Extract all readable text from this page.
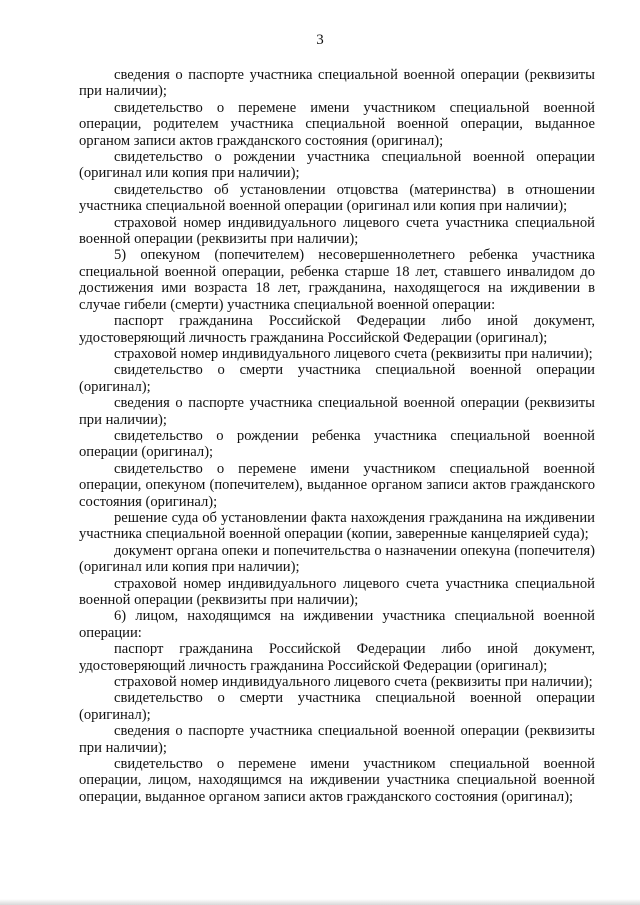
3

сведения о паспорте участника специальной военной операции (реквизиты при наличии);

свидетельство о перемене имени участником специальной военной операции, родителем участника специальной военной операции, выданное органом записи актов гражданского состояния (оригинал);

свидетельство о рождении участника специальной военной операции (оригинал или копия при наличии);

свидетельство об установлении отцовства (материнства) в отношении участника специальной военной операции (оригинал или копия при наличии);

страховой номер индивидуального лицевого счета участника специальной военной операции (реквизиты при наличии);

5) опекуном (попечителем) несовершеннолетнего ребенка участника специальной военной операции, ребенка старше 18 лет, ставшего инвалидом до достижения ими возраста 18 лет, гражданина, находящегося на иждивении в случае гибели (смерти) участника специальной военной операции:

паспорт гражданина Российской Федерации либо иной документ, удостоверяющий личность гражданина Российской Федерации (оригинал);

страховой номер индивидуального лицевого счета (реквизиты при наличии);

свидетельство о смерти участника специальной военной операции (оригинал);

сведения о паспорте участника специальной военной операции (реквизиты при наличии);

свидетельство о рождении ребенка участника специальной военной операции (оригинал);

свидетельство о перемене имени участником специальной военной операции, опекуном (попечителем), выданное органом записи актов гражданского состояния (оригинал);

решение суда об установлении факта нахождения гражданина на иждивении участника специальной военной операции (копии, заверенные канцелярией суда);

документ органа опеки и попечительства о назначении опекуна (попечителя) (оригинал или копия при наличии);

страховой номер индивидуального лицевого счета участника специальной военной операции (реквизиты при наличии);

6) лицом, находящимся на иждивении участника специальной военной операции:

паспорт гражданина Российской Федерации либо иной документ, удостоверяющий личность гражданина Российской Федерации (оригинал);

страховой номер индивидуального лицевого счета (реквизиты при наличии);

свидетельство о смерти участника специальной военной операции (оригинал);

сведения о паспорте участника специальной военной операции (реквизиты при наличии);

свидетельство о перемене имени участником специальной военной операции, лицом, находящимся на иждивении участника специальной военной операции, выданное органом записи актов гражданского состояния (оригинал);
